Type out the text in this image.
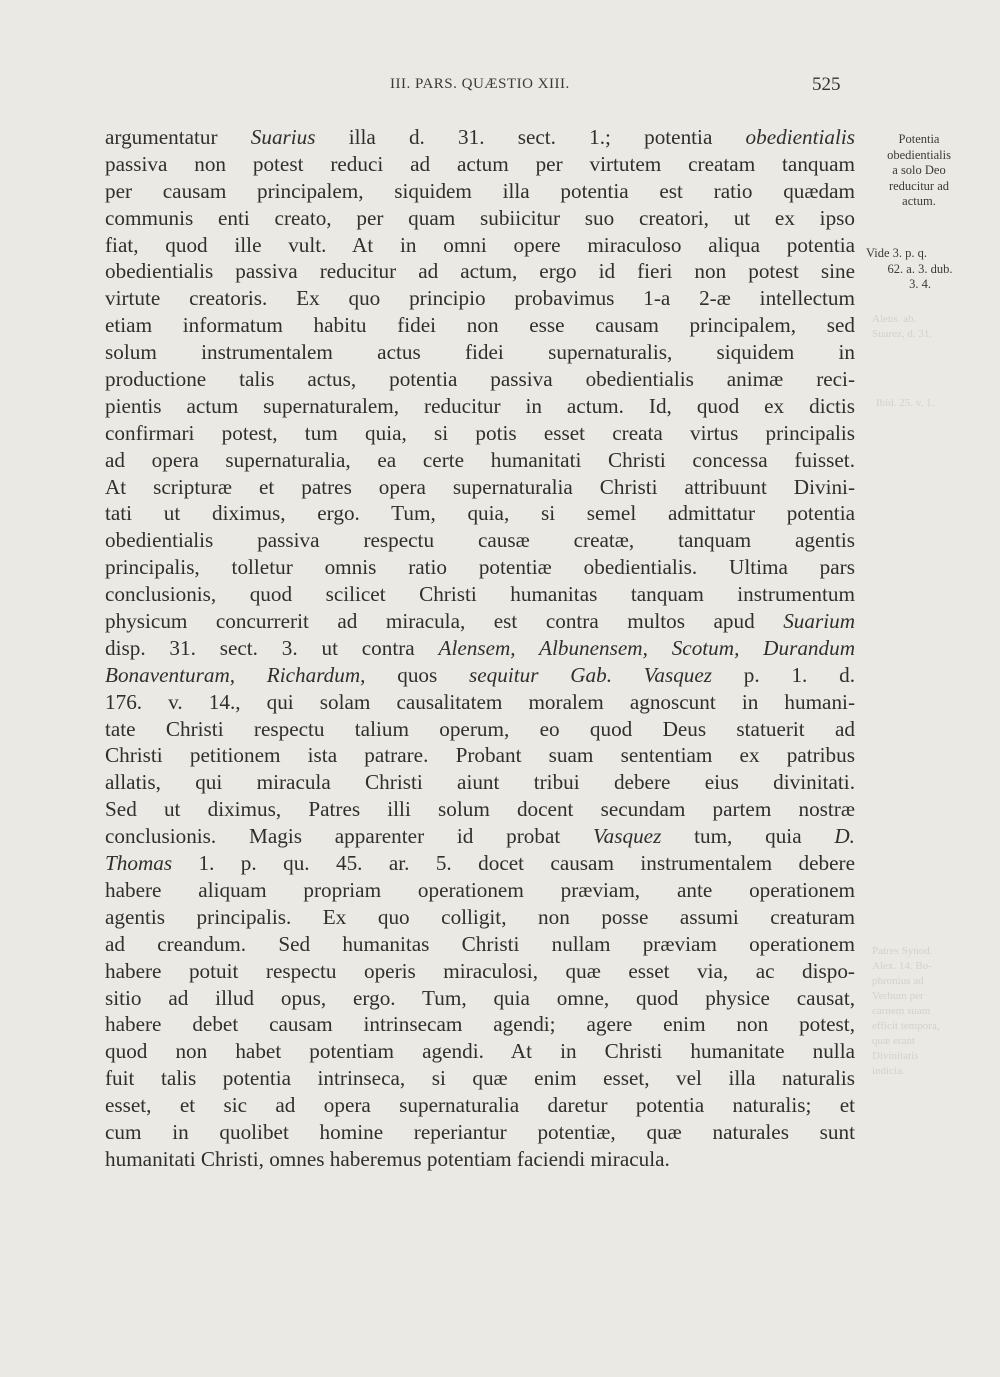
III. PARS. QUÆSTIO XIII.	525
argumentatur Suarius illa d. 31. sect. 1.; potentia obedientialis
passiva non potest reduci ad actum per virtutem creatam tanquam
per causam principalem, siquidem illa potentia est ratio quædam
communis enti creato, per quam subiicitur suo creatori, ut ex ipso
fiat, quod ille vult. At in omni opere miraculoso aliqua potentia
obedientialis passiva reducitur ad actum, ergo id fieri non potest sine
virtute creatoris. Ex quo principio probavimus 1-a 2-æ intellectum
etiam informatum habitu fidei non esse causam principalem, sed
solum instrumentalem actus fidei supernaturalis, siquidem in
productione talis actus, potentia passiva obedientialis animæ reci-
pientis actum supernaturalem, reducitur in actum. Id, quod ex dictis
confirmari potest, tum quia, si potis esset creata virtus principalis
ad opera supernaturalia, ea certe humanitati Christi concessa fuisset.
At scripturæ et patres opera supernaturalia Christi attribuunt Divini-
tati ut diximus, ergo. Tum, quia, si semel admittatur potentia
obedientialis passiva respectu causæ creatæ, tanquam agentis
principalis, tolletur omnis ratio potentiæ obedientialis. Ultima pars
conclusionis, quod scilicet Christi humanitas tanquam instrumentum
physicum concurrerit ad miracula, est contra multos apud Suarium
disp. 31. sect. 3. ut contra Alensem, Albunensem, Scotum, Durandum
Bonaventuram, Richardum, quos sequitur Gab. Vasquez p. 1. d.
176. v. 14., qui solam causalitatem moralem agnoscunt in humani-
tate Christi respectu talium operum, eo quod Deus statuerit ad
Christi petitionem ista patrare. Probant suam sententiam ex patribus
allatis, qui miracula Christi aiunt tribui debere eius divinitati.
Sed ut diximus, Patres illi solum docent secundam partem nostræ
conclusionis. Magis apparenter id probat Vasquez tum, quia D.
Thomas 1. p. qu. 45. ar. 5. docet causam instrumentalem debere
habere aliquam propriam operationem præviam, ante operationem
agentis principalis. Ex quo colligit, non posse assumi creaturam
ad creandum. Sed humanitas Christi nullam præviam operationem
habere potuit respectu operis miraculosi, quæ esset via, ac dispo-
sitio ad illud opus, ergo. Tum, quia omne, quod physice causat,
habere debet causam intrinsecam agendi; agere enim non potest,
quod non habet potentiam agendi. At in Christi humanitate nulla
fuit talis potentia intrinseca, si quæ enim esset, vel illa naturalis
esset, et sic ad opera supernaturalia daretur potentia naturalis; et
cum in quolibet homine reperiantur potentiæ, quæ naturales sunt
humanitati Christi, omnes haberemus potentiam faciendi miracula.
Potentia
obedientialis
a solo Deo
reducitur ad
actum.
Vide 3. p. q.
62. a. 3. dub.
3. 4.
Alens. ab.
Suarez, d. 31.
Ibid. 25. v. 1.
Patres Synod.
Alex. 14. Bo-
phronius ad
Verbum per
carnem suam
efficit tempora,
quæ erant
Divinitatis
indicia.
